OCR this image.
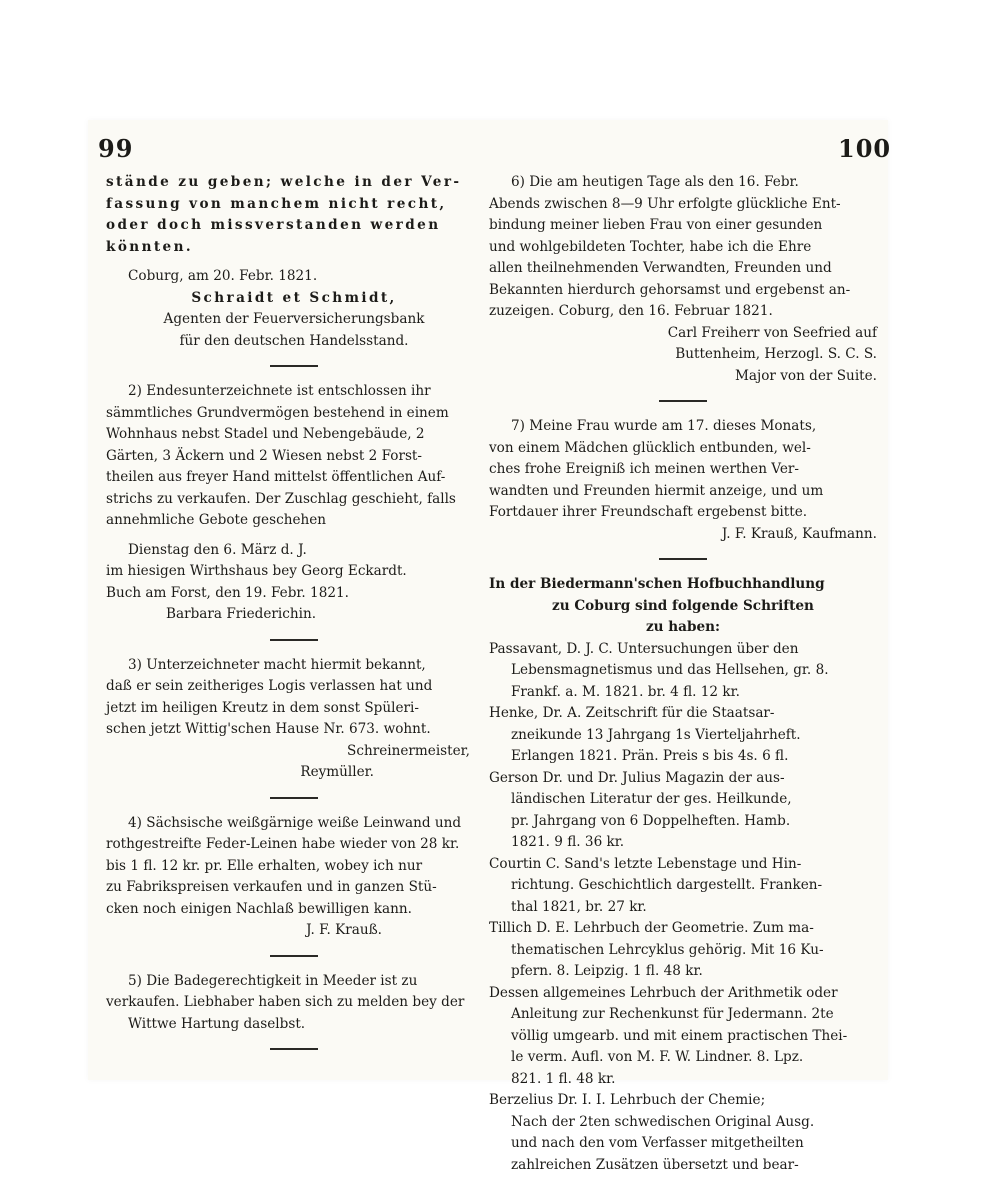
99	100

stände zu geben; welche in der Ver-

fassung von manchem nicht recht,

oder doch missverstanden werden

könnten.

Coburg, am 20. Febr. 1821.

Schraidt et Schmidt,

Agenten der Feuerversicherungsbank

für den deutschen Handelsstand.

2) Endesunterzeichnete ist entschlossen ihr

sämmtliches Grundvermögen bestehend in einem

Wohnhaus nebst Stadel und Nebengebäude, 2

Gärten, 3 Äckern und 2 Wiesen nebst 2 Forst-

theilen aus freyer Hand mittelst öffentlichen Auf-

strichs zu verkaufen. Der Zuschlag geschieht, falls

annehmliche Gebote geschehen

Dienstag den 6. März d. J.

im hiesigen Wirthshaus bey Georg Eckardt.

Buch am Forst, den 19. Febr. 1821.

Barbara Friederichin.

3) Unterzeichneter macht hiermit bekannt,

daß er sein zeitheriges Logis verlassen hat und

jetzt im heiligen Kreutz in dem sonst Spüleri-

schen jetzt Wittig'schen Hause Nr. 673. wohnt.

Schreinermeister,

Reymüller.

4) Sächsische weißgärnige weiße Leinwand und

rothgestreifte Feder-Leinen habe wieder von 28 kr.

bis 1 fl. 12 kr. pr. Elle erhalten, wobey ich nur

zu Fabrikspreisen verkaufen und in ganzen Stü-

cken noch einigen Nachlaß bewilligen kann.

J. F. Krauß.

5) Die Badegerechtigkeit in Meeder ist zu

verkaufen. Liebhaber haben sich zu melden bey der

Wittwe Hartung daselbst.

6) Die am heutigen Tage als den 16. Febr.

Abends zwischen 8—9 Uhr erfolgte glückliche Ent-

bindung meiner lieben Frau von einer gesunden

und wohlgebildeten Tochter, habe ich die Ehre

allen theilnehmenden Verwandten, Freunden und

Bekannten hierdurch gehorsamst und ergebenst an-

zuzeigen. Coburg, den 16. Februar 1821.

Carl Freiherr von Seefried auf

Buttenheim, Herzogl. S. C. S.

Major von der Suite.

7) Meine Frau wurde am 17. dieses Monats,

von einem Mädchen glücklich entbunden, wel-

ches frohe Ereigniß ich meinen werthen Ver-

wandten und Freunden hiermit anzeige, und um

Fortdauer ihrer Freundschaft ergebenst bitte.

J. F. Krauß, Kaufmann.

In der Biedermann'schen Hofbuchhandlung

zu Coburg sind folgende Schriften

zu haben:

Passavant, D. J. C. Untersuchungen über den

Lebensmagnetismus und das Hellsehen, gr. 8.

Frankf. a. M. 1821. br. 4 fl. 12 kr.

Henke, Dr. A. Zeitschrift für die Staatsar-

zneikunde 13 Jahrgang 1s Vierteljahrheft.

Erlangen 1821. Prän. Preis s bis 4s. 6 fl.

Gerson Dr. und Dr. Julius Magazin der aus-

ländischen Literatur der ges. Heilkunde,

pr. Jahrgang von 6 Doppelheften. Hamb.

1821. 9 fl. 36 kr.

Courtin C. Sand's letzte Lebenstage und Hin-

richtung. Geschichtlich dargestellt. Franken-

thal 1821, br. 27 kr.

Tillich D. E. Lehrbuch der Geometrie. Zum ma-

thematischen Lehrcyklus gehörig. Mit 16 Ku-

pfern. 8. Leipzig. 1 fl. 48 kr.

Dessen allgemeines Lehrbuch der Arithmetik oder

Anleitung zur Rechenkunst für Jedermann. 2te

völlig umgearb. und mit einem practischen Thei-

le verm. Aufl. von M. F. W. Lindner. 8. Lpz.

821. 1 fl. 48 kr.

Berzelius Dr. I. I. Lehrbuch der Chemie;

Nach der 2ten schwedischen Original Ausg.

und nach den vom Verfasser mitgetheilten

zahlreichen Zusätzen übersetzt und bear-
